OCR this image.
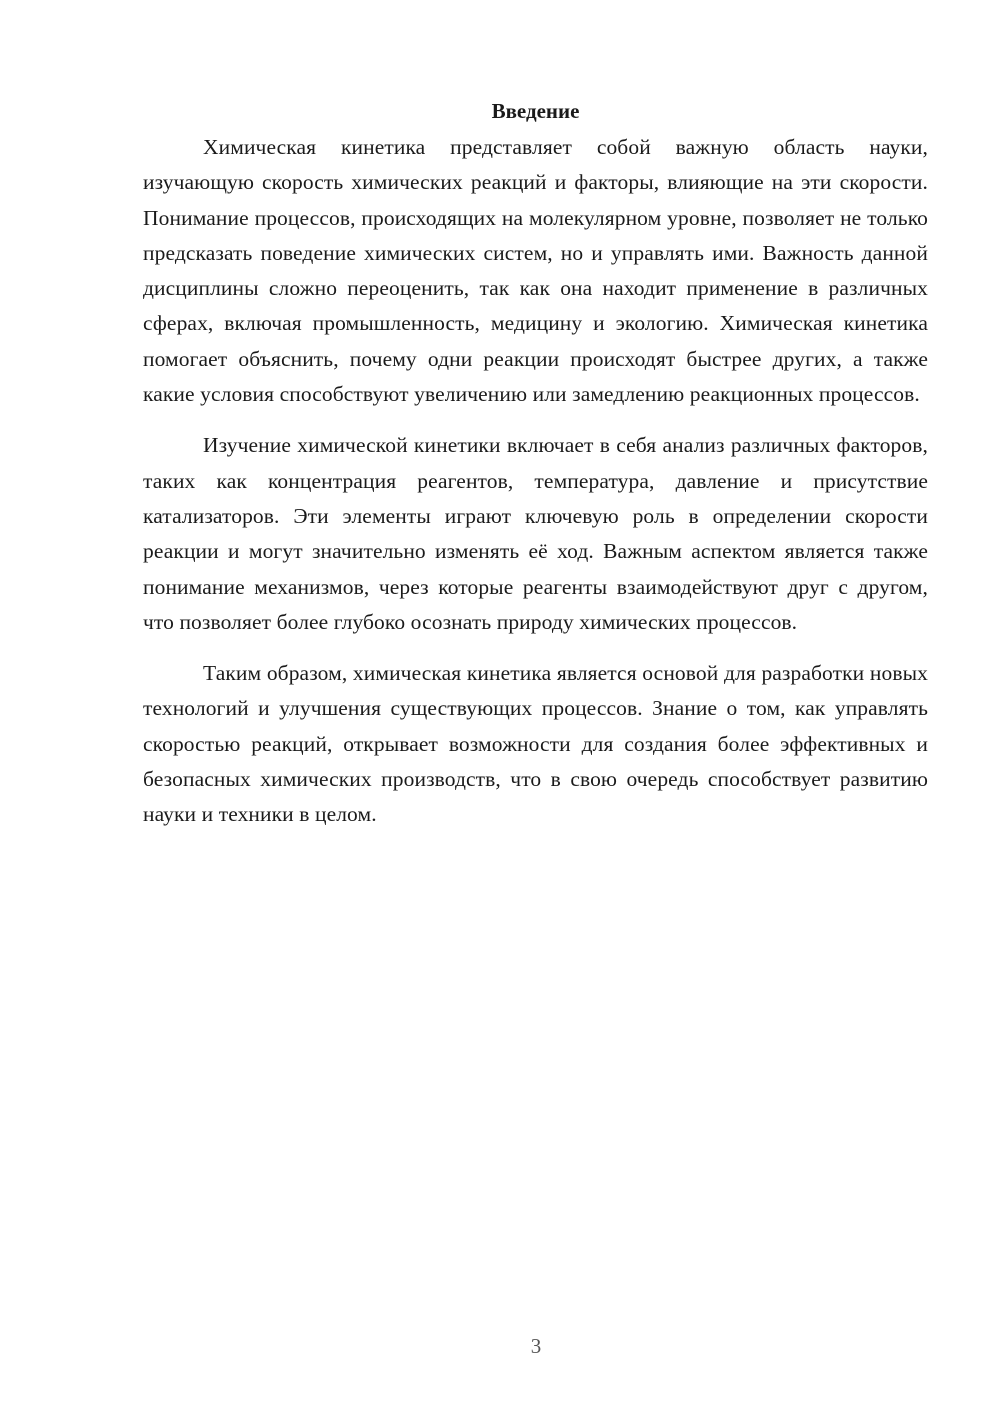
Введение

Химическая кинетика представляет собой важную область науки, изучающую скорость химических реакций и факторы, влияющие на эти скорости. Понимание процессов, происходящих на молекулярном уровне, позволяет не только предсказать поведение химических систем, но и управлять ими. Важность данной дисциплины сложно переоценить, так как она находит применение в различных сферах, включая промышленность, медицину и экологию. Химическая кинетика помогает объяснить, почему одни реакции происходят быстрее других, а также какие условия способствуют увеличению или замедлению реакционных процессов.

Изучение химической кинетики включает в себя анализ различных факторов, таких как концентрация реагентов, температура, давление и присутствие катализаторов. Эти элементы играют ключевую роль в определении скорости реакции и могут значительно изменять её ход. Важным аспектом является также понимание механизмов, через которые реагенты взаимодействуют друг с другом, что позволяет более глубоко осознать природу химических процессов.

Таким образом, химическая кинетика является основой для разработки новых технологий и улучшения существующих процессов. Знание о том, как управлять скоростью реакций, открывает возможности для создания более эффективных и безопасных химических производств, что в свою очередь способствует развитию науки и техники в целом.

3
